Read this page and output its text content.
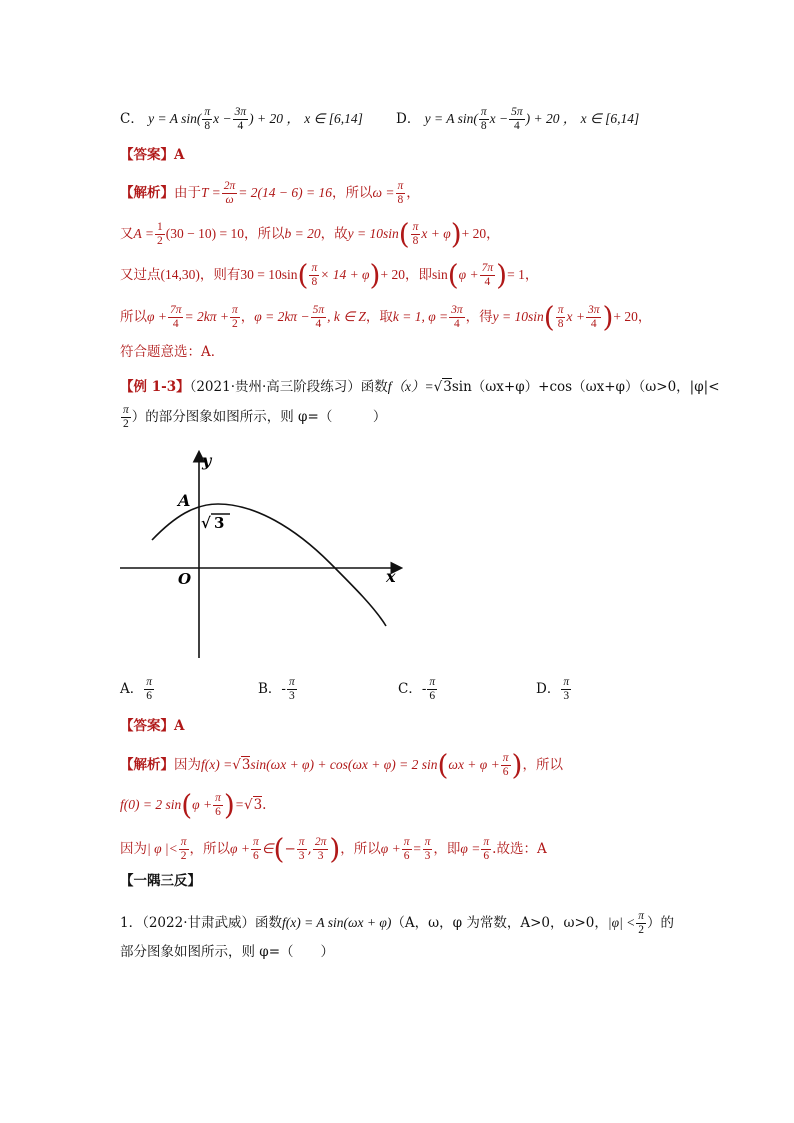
C． y = A $\sin( \frac{\pi}{8}$ $x - \frac{3\pi}{4}$ ) + 20 ， x ∈ [6,14] D． y = A $\sin( \frac{\pi}{8}$ $x - \frac{5\pi}{4}$ ) + 20 ， x ∈ [6,14]
【答案】A
【解析】由于$T = \frac{2\pi}{\omega} = 2(14 - 6) = 16$，所以$\omega = \frac{\pi}{8}$ ，
又$A = \frac{1}{2} (30 - 10) = 10$，所以b = 20，故$y = 10\sin( \frac{\pi}{8}$ x + φ)+ 20，
又过点(14,30)，则有$30 = 10\sin( \frac{\pi}{8} \times 14 + \varphi)+ 20$，即$\sin(\varphi + \frac{7\pi}{4}$ )= 1，
所以$\varphi + \frac{7\pi}{4} = 2k\pi + \frac{\pi}{2}$ ，$\varphi = 2k\pi - \frac{5\pi}{4}$ , k ∈ Z，取k = 1, $\varphi = \frac{3\pi}{4}$ ，得$y = 10\sin( \frac{\pi}{8}$ $x + \frac{3\pi}{4}$ )+ 20，
符合题意选：A．
【例 1-3】（2021·贵州·高三阶段练习）函数f（x）=√3sin（ωx+φ）+cos（ωx+φ）（ω>0，|φ|<
$\frac{\pi}{2}$ ）的部分图象如图所示，则 φ=（　　　）
y
x
O
A
√ 3
A． $\frac{\pi}{6}$	B．- $\frac{\pi}{3}$	C．- $\frac{\pi}{6}$	D． $\frac{\pi}{3}$
【答案】A
【解析】因为f(x) =√3sin(ωx + φ) + cos(ωx + φ) = 2 $\sin(\omega x + \varphi + \frac{\pi}{6}$ )，所以
f(0) = 2 $\sin(\varphi + \frac{\pi}{6} )=√3$.
因为| φ |< $\frac{\pi}{2}$ ，所以$\varphi + \frac{\pi}{6}$ ∈(− $\frac{\pi}{3}$ , $\frac{2\pi}{3}$ )，所以$\varphi + \frac{\pi}{6} = \frac{\pi}{3}$ ，即$\varphi = \frac{\pi}{6}$ .故选：A
【一隅三反】
1．（2022·甘肃武威）函数f(x) = A sin(ωx + φ)（A，ω，φ 为常数，A>0，ω>0，$|\varphi| < \frac{\pi}{2}$ ）的
部分图象如图所示，则 φ=（　　）
